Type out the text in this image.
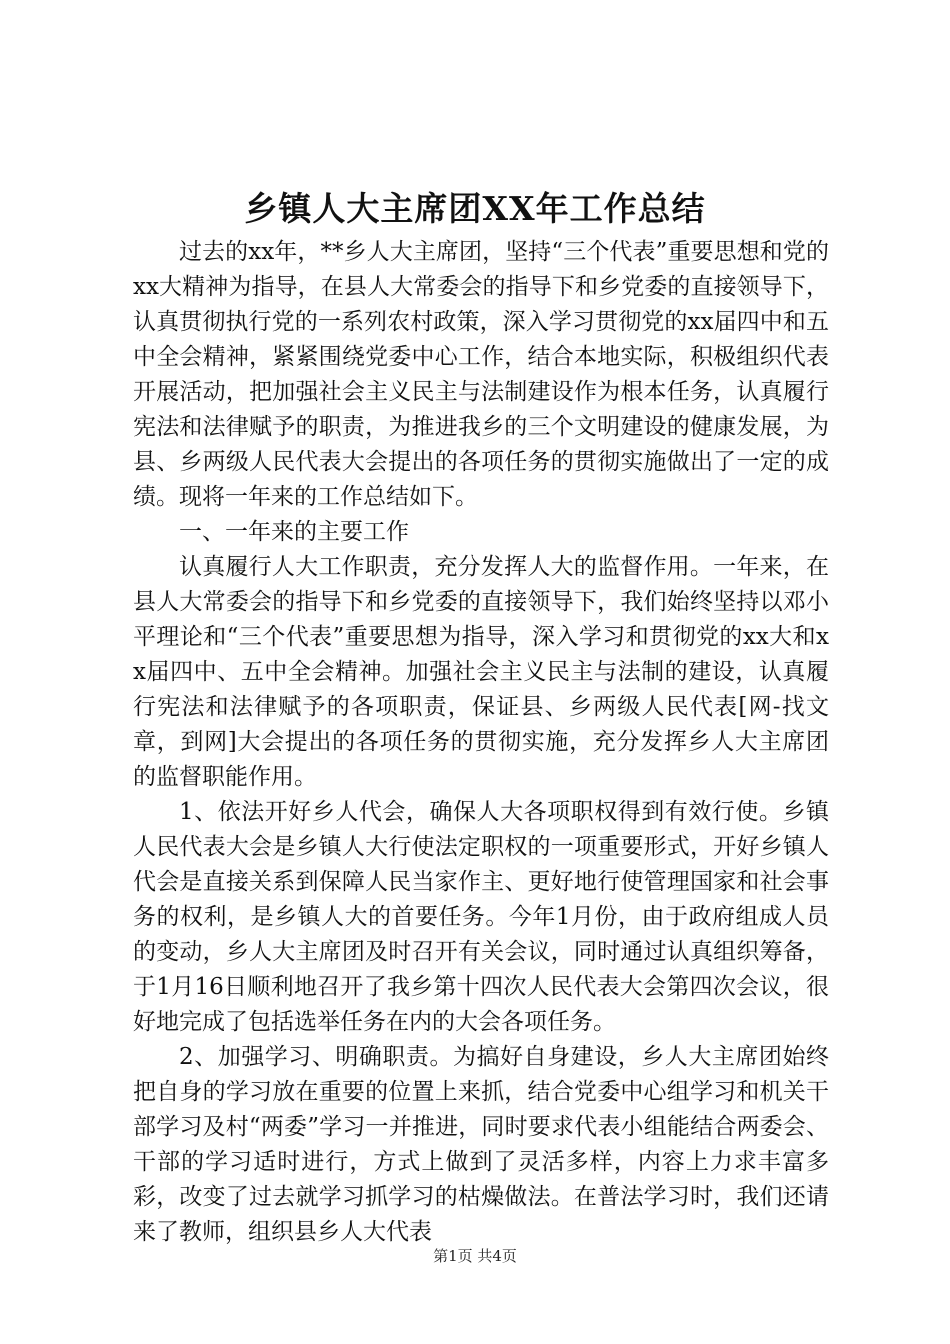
乡镇人大主席团XX年工作总结

过去的xx年，**乡人大主席团，坚持“三个代表”重要思想和党的xx大精神为指导，在县人大常委会的指导下和乡党委的直接领导下，认真贯彻执行党的一系列农村政策，深入学习贯彻党的xx届四中和五中全会精神，紧紧围绕党委中心工作，结合本地实际，积极组织代表开展活动，把加强社会主义民主与法制建设作为根本任务，认真履行宪法和法律赋予的职责，为推进我乡的三个文明建设的健康发展，为县、乡两级人民代表大会提出的各项任务的贯彻实施做出了一定的成绩。现将一年来的工作总结如下。

一、一年来的主要工作

认真履行人大工作职责，充分发挥人大的监督作用。一年来，在县人大常委会的指导下和乡党委的直接领导下，我们始终坚持以邓小平理论和“三个代表”重要思想为指导，深入学习和贯彻党的xx大和xx届四中、五中全会精神。加强社会主义民主与法制的建设，认真履行宪法和法律赋予的各项职责，保证县、乡两级人民代表[网-找文章，到网]大会提出的各项任务的贯彻实施，充分发挥乡人大主席团的监督职能作用。

1、依法开好乡人代会，确保人大各项职权得到有效行使。乡镇人民代表大会是乡镇人大行使法定职权的一项重要形式，开好乡镇人代会是直接关系到保障人民当家作主、更好地行使管理国家和社会事务的权利，是乡镇人大的首要任务。今年1月份，由于政府组成人员的变动，乡人大主席团及时召开有关会议，同时通过认真组织筹备，于1月16日顺利地召开了我乡第十四次人民代表大会第四次会议，很好地完成了包括选举任务在内的大会各项任务。

2、加强学习、明确职责。为搞好自身建设，乡人大主席团始终把自身的学习放在重要的位置上来抓，结合党委中心组学习和机关干部学习及村“两委”学习一并推进，同时要求代表小组能结合两委会、干部的学习适时进行，方式上做到了灵活多样，内容上力求丰富多彩，改变了过去就学习抓学习的枯燥做法。在普法学习时，我们还请来了教师，组织县乡人大代表

第1页 共4页
